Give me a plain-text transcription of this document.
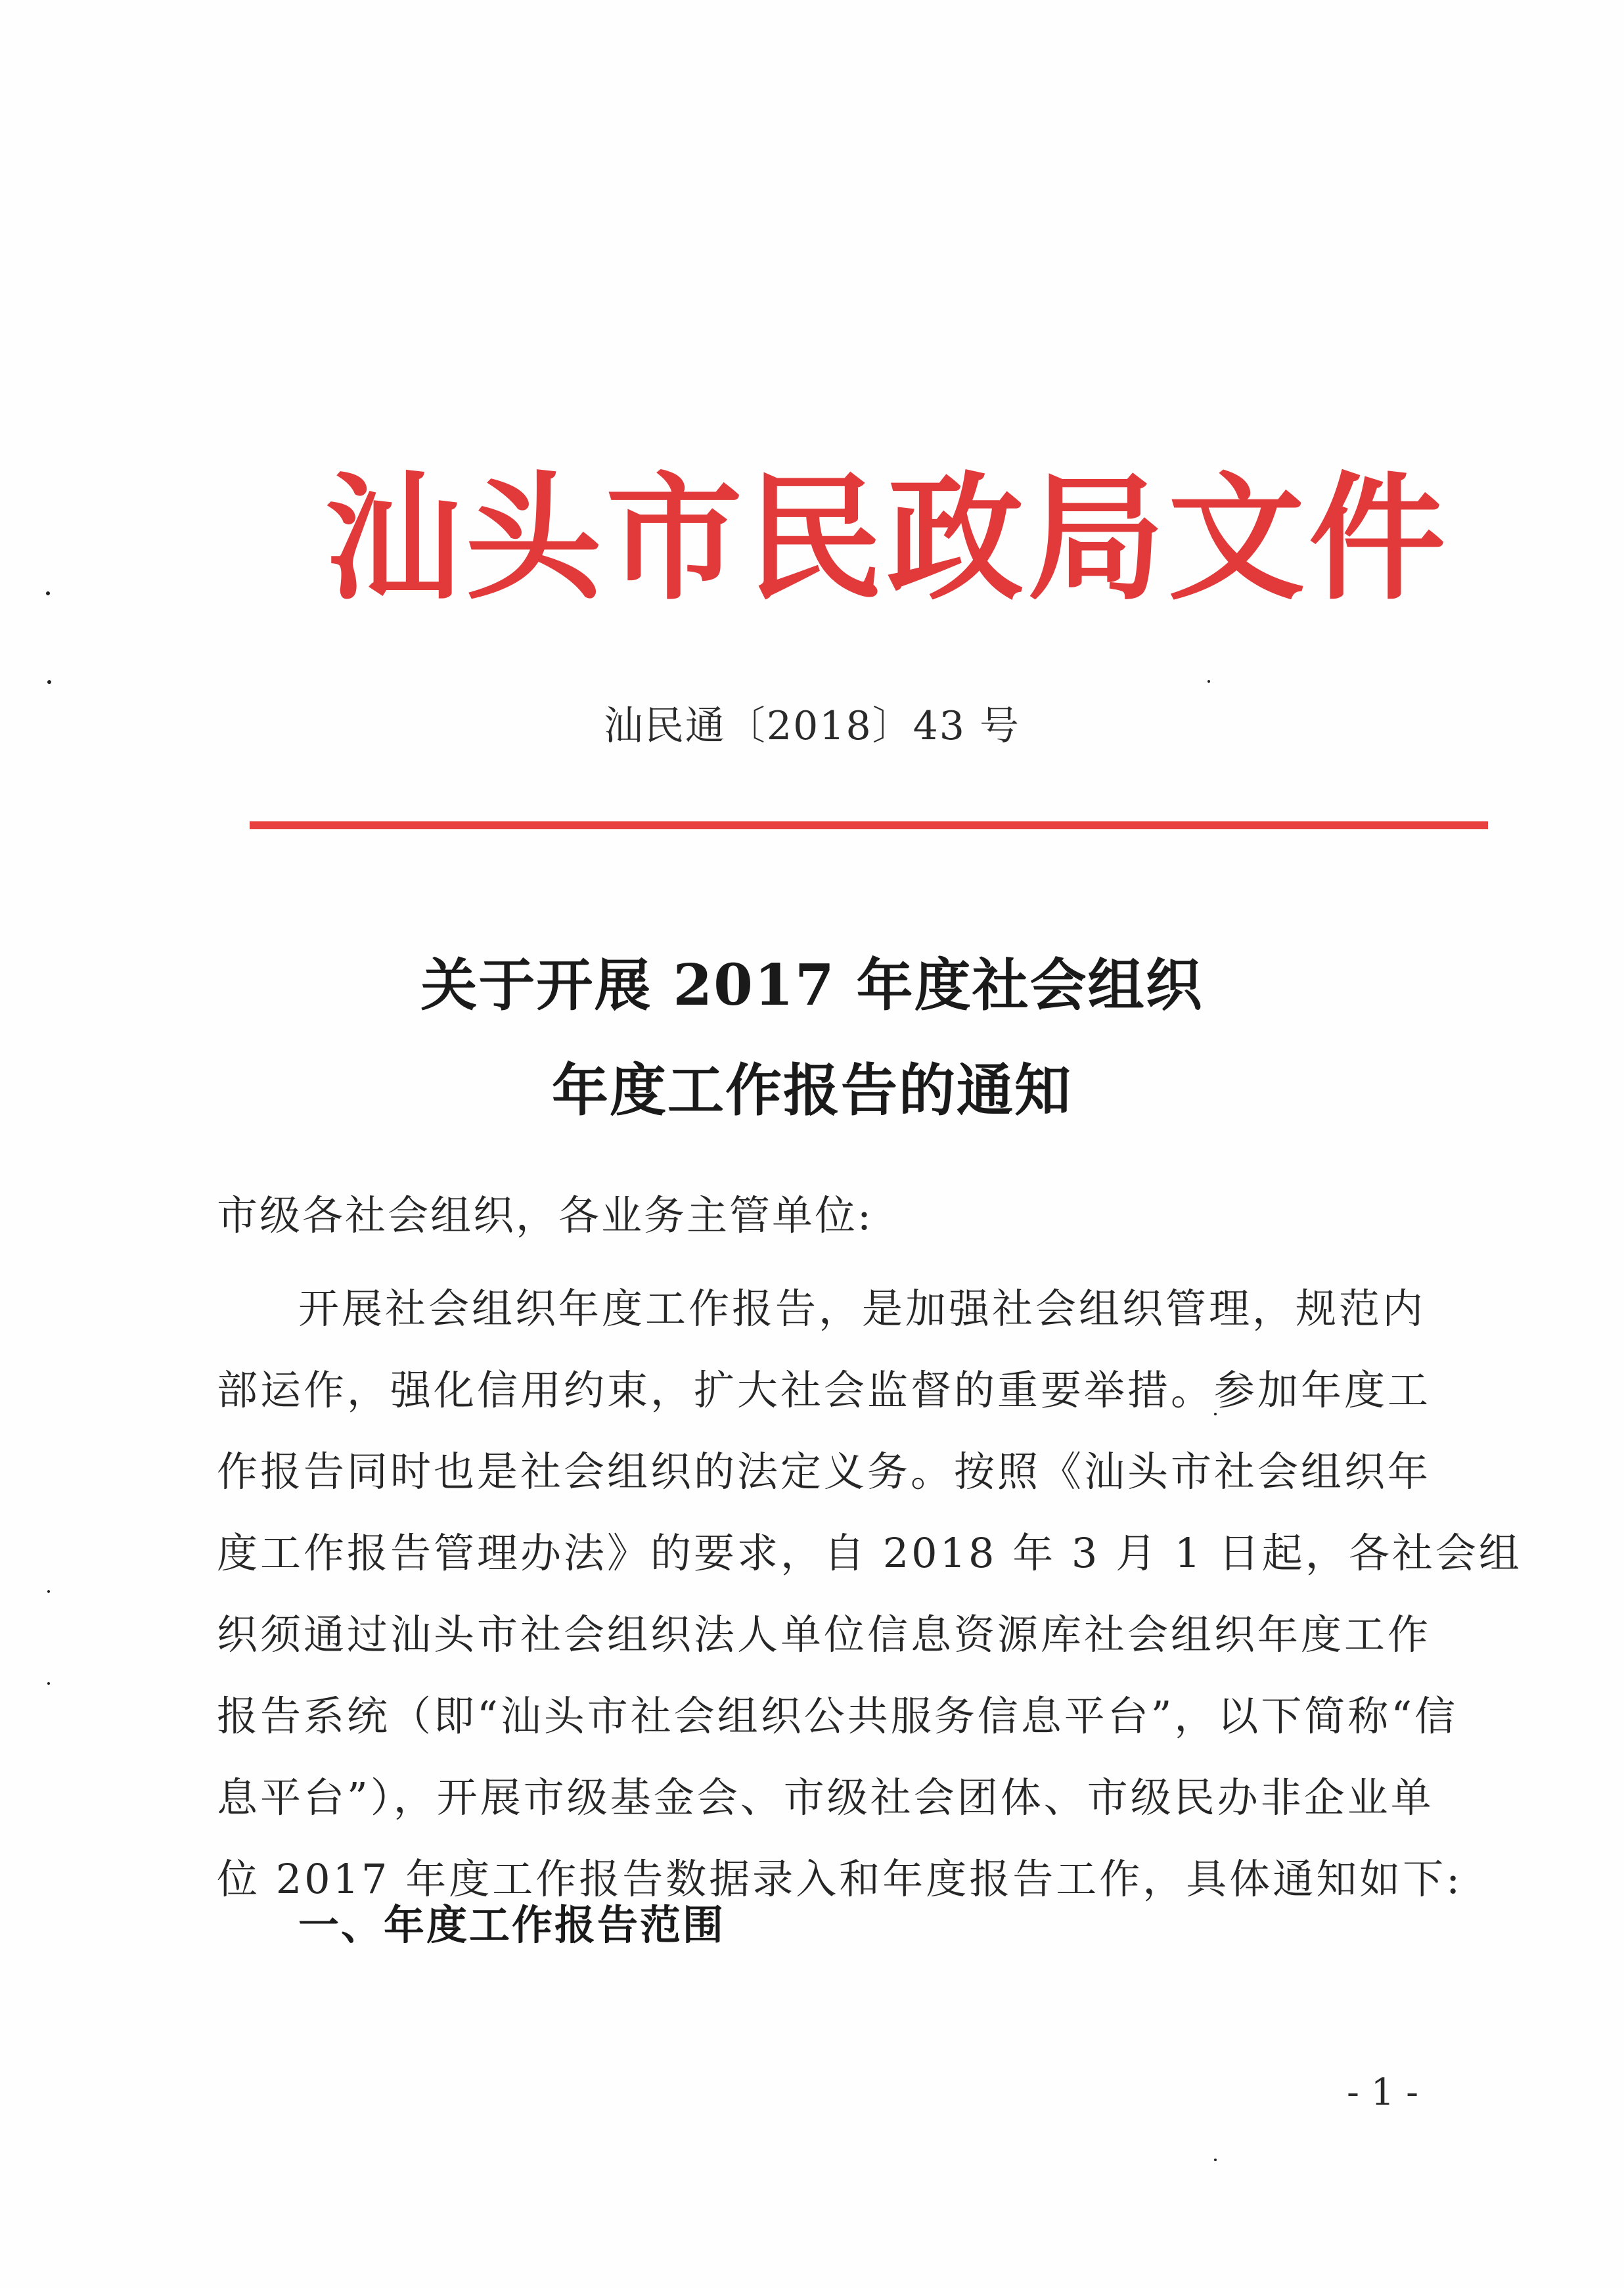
汕头市民政局文件
汕民通〔2018〕43 号
关于开展 2017 年度社会组织
年度工作报告的通知
市级各社会组织，各业务主管单位:
开展社会组织年度工作报告，是加强社会组织管理，规范内
部运作，强化信用约束，扩大社会监督的重要举措。参加年度工
作报告同时也是社会组织的法定义务。按照《汕头市社会组织年
度工作报告管理办法》的要求，自 2018 年 3 月 1 日起，各社会组
织须通过汕头市社会组织法人单位信息资源库社会组织年度工作
报告系统（即“汕头市社会组织公共服务信息平台”，以下简称“信
息平台”），开展市级基金会、市级社会团体、市级民办非企业单
位 2017 年度工作报告数据录入和年度报告工作，具体通知如下:
一、年度工作报告范围
- 1 -
